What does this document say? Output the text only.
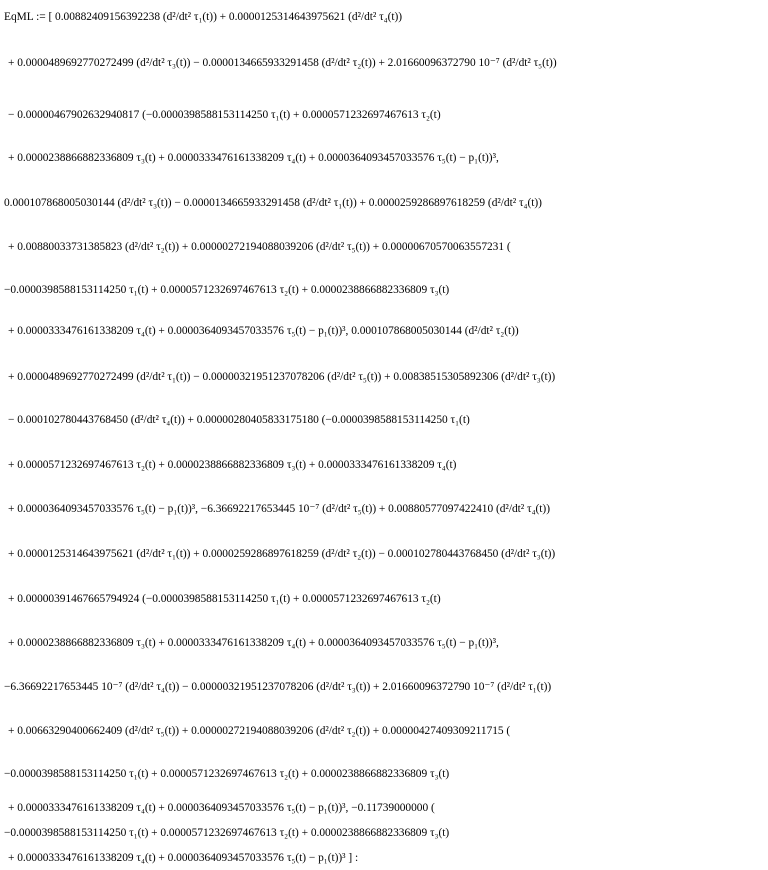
EqML := [ 0.00882409156392238 (d²/dt² τ₁(t)) + 0.0000125314643975621 (d²/dt² τ₄(t))
+ 0.0000489692770272499 (d²/dt² τ₃(t)) − 0.0000134665933291458 (d²/dt² τ₂(t)) + 2.01660096372790 10⁻⁷ (d²/dt² τ₅(t))
− 0.00000467902632940817 (−0.0000398588153114250 τ₁(t) + 0.0000571232697467613 τ₂(t)
+ 0.0000238866882336809 τ₃(t) + 0.0000333476161338209 τ₄(t) + 0.0000364093457033576 τ₅(t) − p₁(t))³,
0.000107868005030144 (d²/dt² τ₃(t)) − 0.0000134665933291458 (d²/dt² τ₁(t)) + 0.0000259286897618259 (d²/dt² τ₄(t))
+ 0.00880033731385823 (d²/dt² τ₂(t)) + 0.00000272194088039206 (d²/dt² τ₅(t)) + 0.00000670570063557231 (
−0.0000398588153114250 τ₁(t) + 0.0000571232697467613 τ₂(t) + 0.0000238866882336809 τ₃(t)
+ 0.0000333476161338209 τ₄(t) + 0.0000364093457033576 τ₅(t) − p₁(t))³, 0.000107868005030144 (d²/dt² τ₂(t))
+ 0.0000489692770272499 (d²/dt² τ₁(t)) − 0.00000321951237078206 (d²/dt² τ₅(t)) + 0.00838515305892306 (d²/dt² τ₃(t))
− 0.000102780443768450 (d²/dt² τ₄(t)) + 0.00000280405833175180 (−0.0000398588153114250 τ₁(t)
+ 0.0000571232697467613 τ₂(t) + 0.0000238866882336809 τ₃(t) + 0.0000333476161338209 τ₄(t)
+ 0.0000364093457033576 τ₅(t) − p₁(t))³, −6.36692217653445 10⁻⁷ (d²/dt² τ₅(t)) + 0.00880577097422410 (d²/dt² τ₄(t))
+ 0.0000125314643975621 (d²/dt² τ₁(t)) + 0.0000259286897618259 (d²/dt² τ₂(t)) − 0.000102780443768450 (d²/dt² τ₃(t))
+ 0.00000391467665794924 (−0.0000398588153114250 τ₁(t) + 0.0000571232697467613 τ₂(t)
+ 0.0000238866882336809 τ₃(t) + 0.0000333476161338209 τ₄(t) + 0.0000364093457033576 τ₅(t) − p₁(t))³,
−6.36692217653445 10⁻⁷ (d²/dt² τ₄(t)) − 0.00000321951237078206 (d²/dt² τ₃(t)) + 2.01660096372790 10⁻⁷ (d²/dt² τ₁(t))
+ 0.00663290400662409 (d²/dt² τ₅(t)) + 0.00000272194088039206 (d²/dt² τ₂(t)) + 0.00000427409309211715 (
−0.0000398588153114250 τ₁(t) + 0.0000571232697467613 τ₂(t) + 0.0000238866882336809 τ₃(t)
+ 0.0000333476161338209 τ₄(t) + 0.0000364093457033576 τ₅(t) − p₁(t))³, −0.11739000000 (
−0.0000398588153114250 τ₁(t) + 0.0000571232697467613 τ₂(t) + 0.0000238866882336809 τ₃(t)
+ 0.0000333476161338209 τ₄(t) + 0.0000364093457033576 τ₅(t) − p₁(t))³ ] :
